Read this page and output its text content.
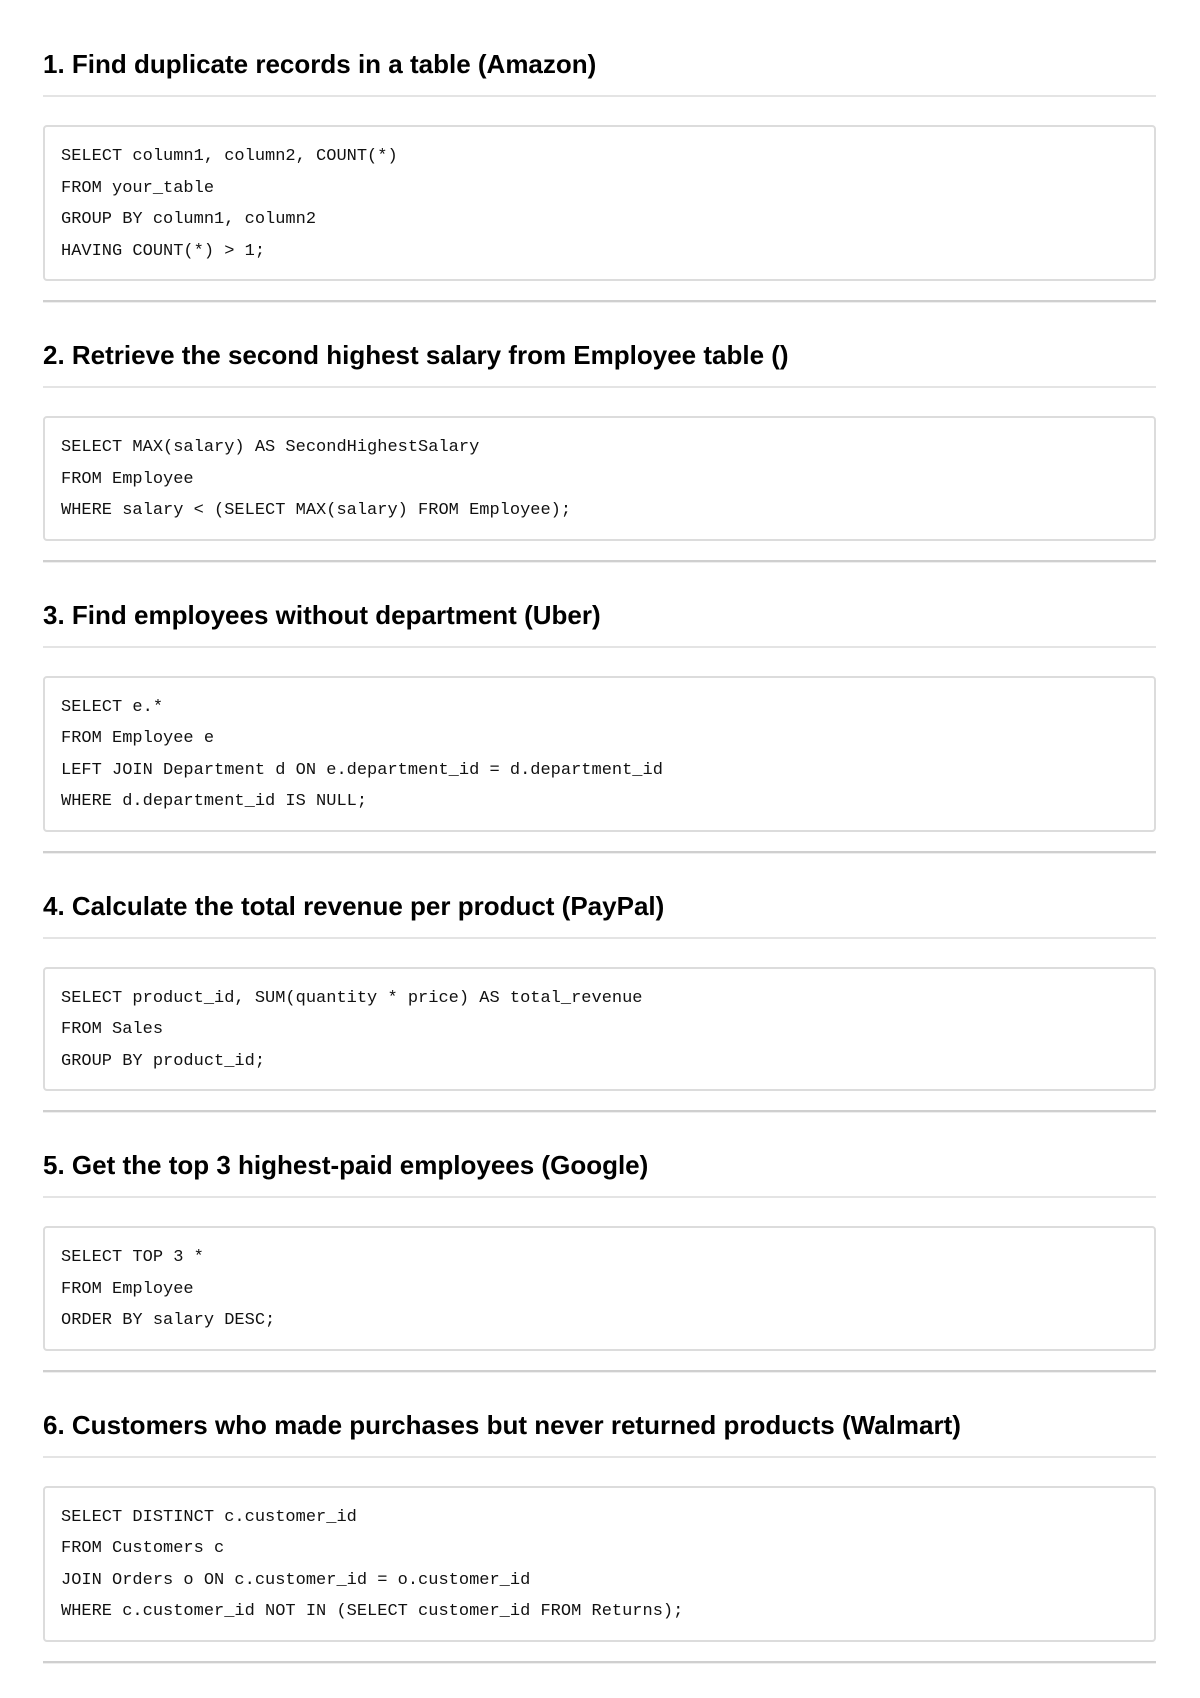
1. Find duplicate records in a table (Amazon)
SELECT column1, column2, COUNT(*)
FROM your_table
GROUP BY column1, column2
HAVING COUNT(*) > 1;
2. Retrieve the second highest salary from Employee table ()
SELECT MAX(salary) AS SecondHighestSalary
FROM Employee
WHERE salary < (SELECT MAX(salary) FROM Employee);
3. Find employees without department (Uber)
SELECT e.*
FROM Employee e
LEFT JOIN Department d ON e.department_id = d.department_id
WHERE d.department_id IS NULL;
4. Calculate the total revenue per product (PayPal)
SELECT product_id, SUM(quantity * price) AS total_revenue
FROM Sales
GROUP BY product_id;
5. Get the top 3 highest-paid employees (Google)
SELECT TOP 3 *
FROM Employee
ORDER BY salary DESC;
6. Customers who made purchases but never returned products (Walmart)
SELECT DISTINCT c.customer_id
FROM Customers c
JOIN Orders o ON c.customer_id = o.customer_id
WHERE c.customer_id NOT IN (SELECT customer_id FROM Returns);
